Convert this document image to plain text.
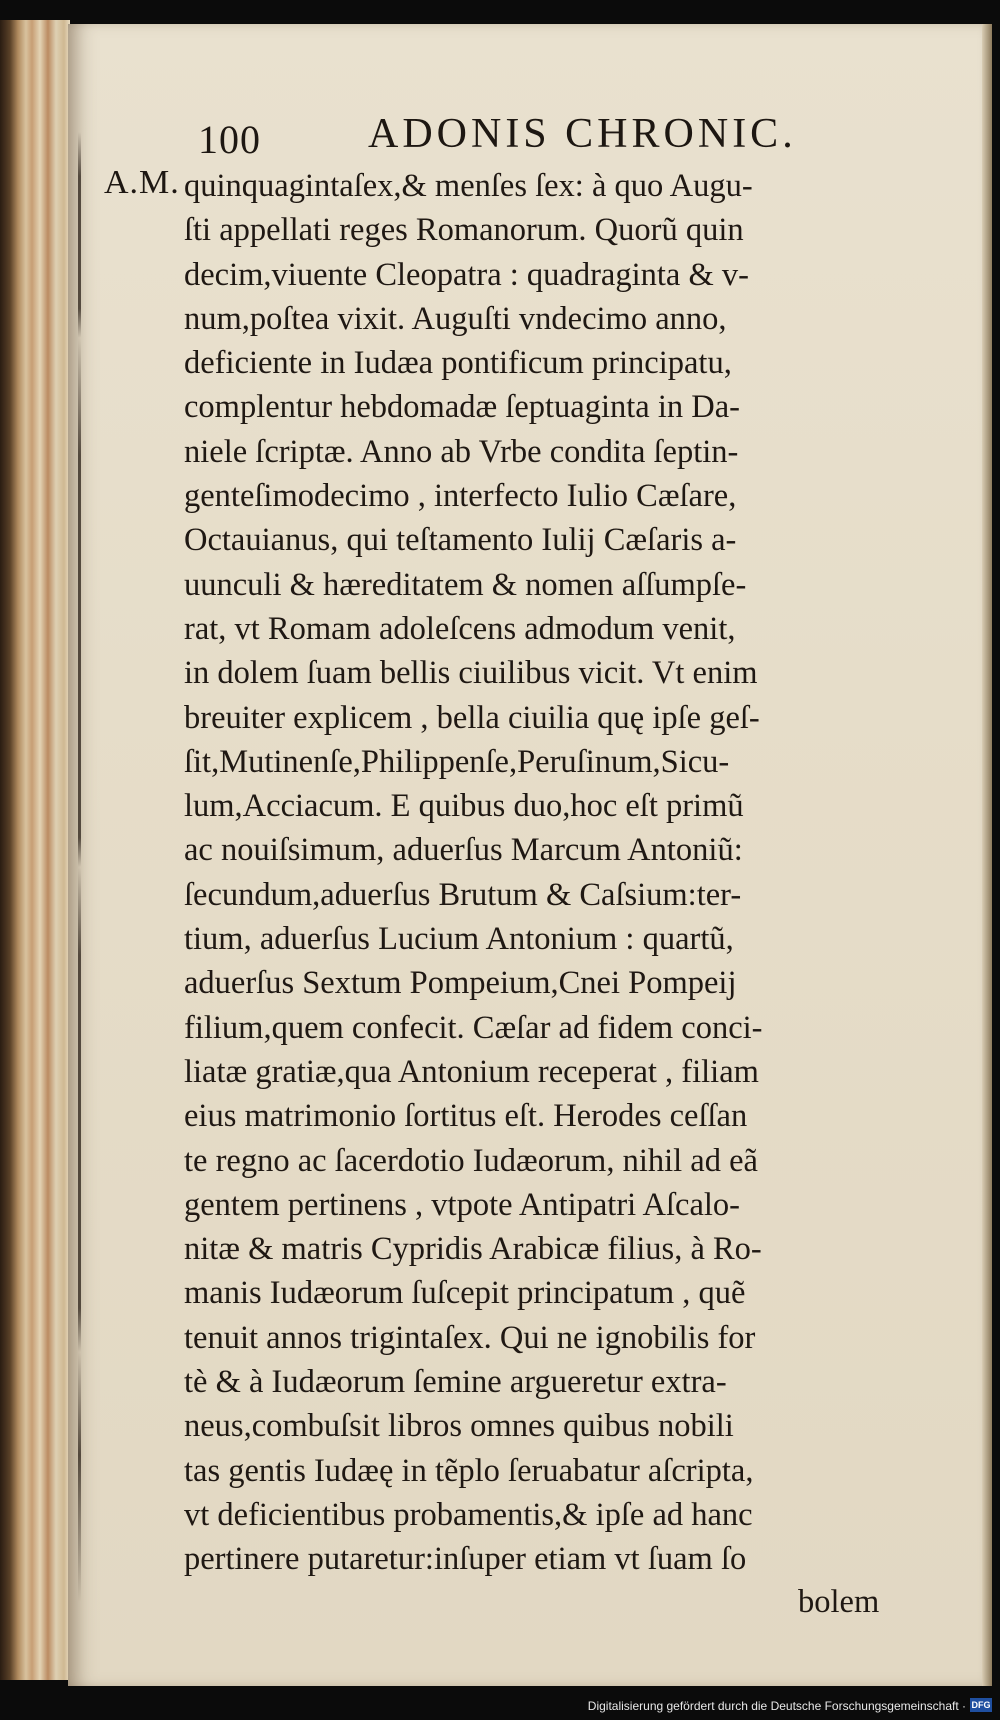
100	ADONIS CHRONIC.
A.M. quinquagintaſex,& menſes ſex: à quo Augu-
ſti appellati reges Romanorum. Quorũ quin
decim,viuente Cleopatra : quadraginta & v-
num,poſtea vixit. Auguſti vndecimo anno,
deficiente in Iudæa pontificum principatu,
complentur hebdomadæ ſeptuaginta in Da-
niele ſcriptæ. Anno ab Vrbe condita ſeptin-
genteſimodecimo , interfecto Iulio Cæſare,
Octauianus, qui teſtamento Iulij Cæſaris a-
uunculi & hæreditatem & nomen aſſumpſe-
rat, vt Romam adoleſcens admodum venit,
in dolem ſuam bellis ciuilibus vicit. Vt enim
breuiter explicem , bella ciuilia quę ipſe geſ-
ſit,Mutinenſe,Philippenſe,Peruſinum,Sicu-
lum,Acciacum. E quibus duo,hoc eſt primũ
ac nouiſsimum, aduerſus Marcum Antoniũ:
ſecundum,aduerſus Brutum & Caſsium:ter-
tium, aduerſus Lucium Antonium : quartũ,
aduerſus Sextum Pompeium,Cnei Pompeij
filium,quem confecit. Cæſar ad fidem conci-
liatæ gratiæ,qua Antonium receperat , filiam
eius matrimonio ſortitus eſt. Herodes ceſſan
te regno ac ſacerdotio Iudæorum, nihil ad eã
gentem pertinens , vtpote Antipatri Aſcalo-
nitæ & matris Cypridis Arabicæ filius, à Ro-
manis Iudæorum ſuſcepit principatum , quẽ
tenuit annos trigintaſex. Qui ne ignobilis for
tè & à Iudæorum ſemine argueretur extra-
neus,combuſsit libros omnes quibus nobili
tas gentis Iudæę in tẽplo ſeruabatur aſcripta,
vt deficientibus probamentis,& ipſe ad hanc
pertinere putaretur:inſuper etiam vt ſuam ſo
bolem
Digitalisierung gefördert durch die Deutsche Forschungsgemeinschaft · DFG
